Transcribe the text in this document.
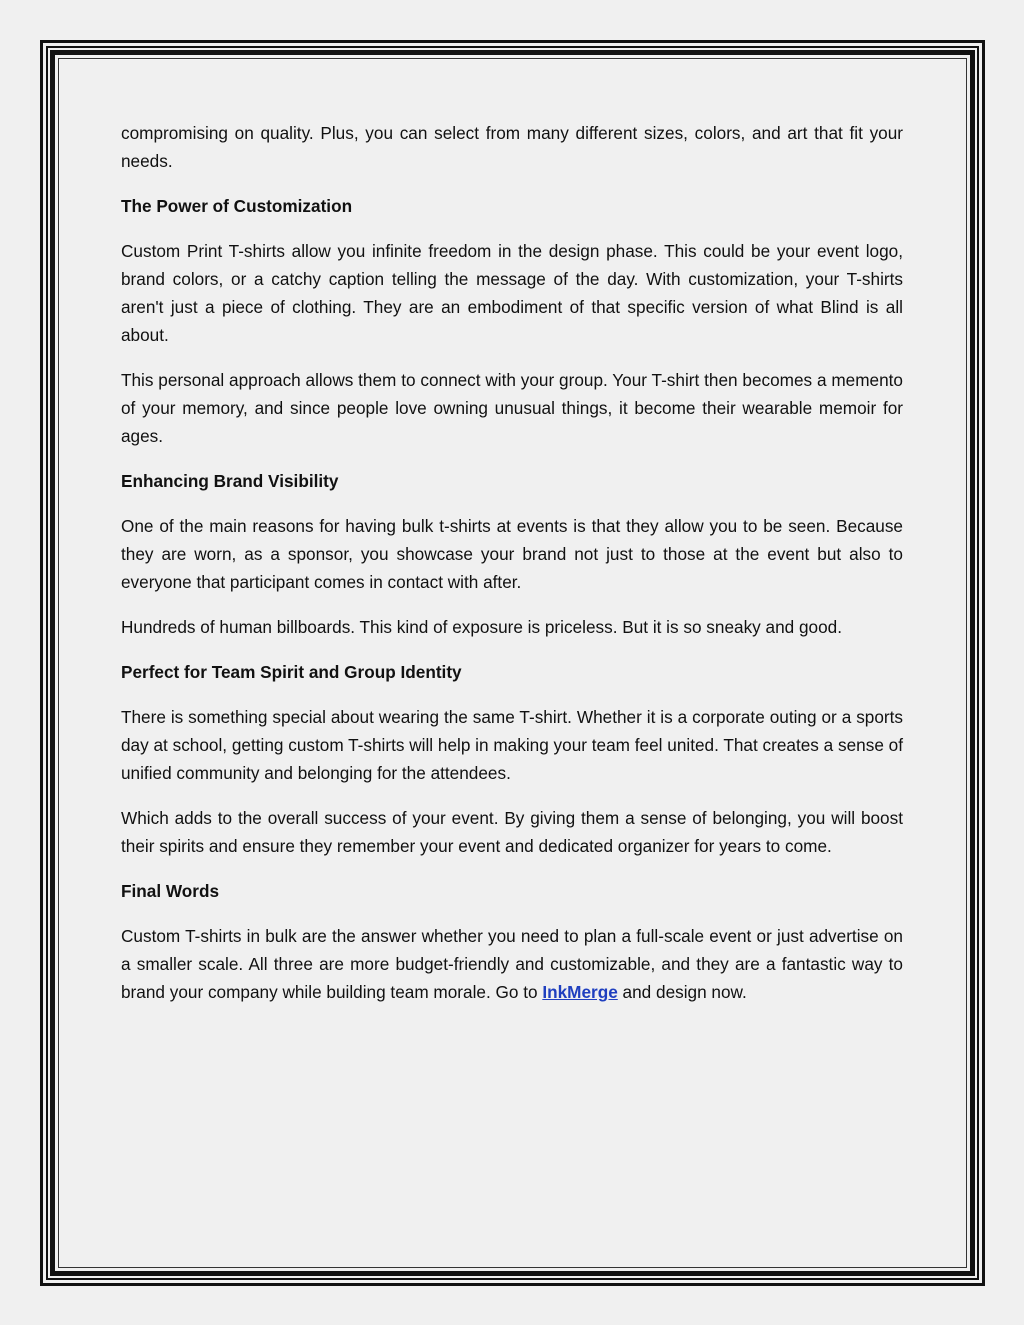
compromising on quality. Plus, you can select from many different sizes, colors, and art that fit your needs.

The Power of Customization

Custom Print T-shirts allow you infinite freedom in the design phase. This could be your event logo, brand colors, or a catchy caption telling the message of the day. With customization, your T-shirts aren't just a piece of clothing. They are an embodiment of that specific version of what Blind is all about.

This personal approach allows them to connect with your group. Your T-shirt then becomes a memento of your memory, and since people love owning unusual things, it become their wearable memoir for ages.

Enhancing Brand Visibility

One of the main reasons for having bulk t-shirts at events is that they allow you to be seen. Because they are worn, as a sponsor, you showcase your brand not just to those at the event but also to everyone that participant comes in contact with after.

Hundreds of human billboards. This kind of exposure is priceless. But it is so sneaky and good.

Perfect for Team Spirit and Group Identity

There is something special about wearing the same T-shirt. Whether it is a corporate outing or a sports day at school, getting custom T-shirts will help in making your team feel united. That creates a sense of unified community and belonging for the attendees.

Which adds to the overall success of your event. By giving them a sense of belonging, you will boost their spirits and ensure they remember your event and dedicated organizer for years to come.

Final Words

Custom T-shirts in bulk are the answer whether you need to plan a full-scale event or just advertise on a smaller scale. All three are more budget-friendly and customizable, and they are a fantastic way to brand your company while building team morale. Go to InkMerge and design now.
